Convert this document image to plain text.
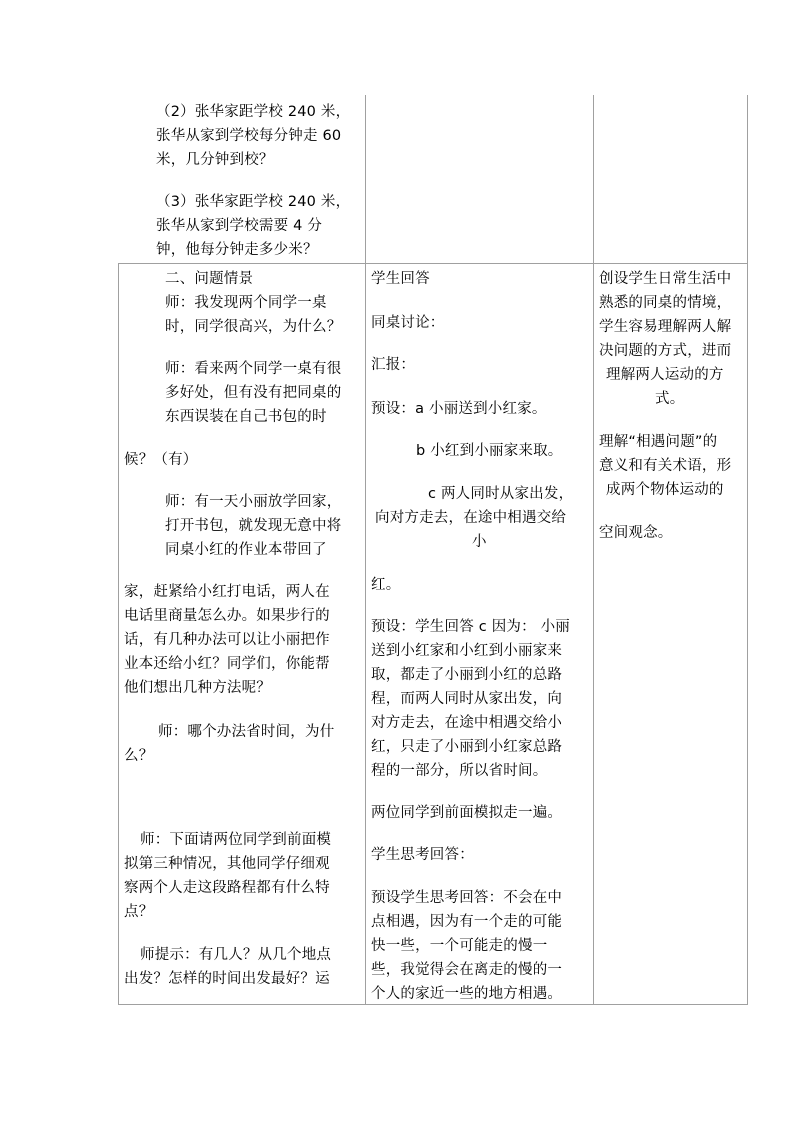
（2）张华家距学校 240 米，
张华从家到学校每分钟走 60
米，几分钟到校？
（3）张华家距学校 240 米，
张华从家到学校需要 4 分
钟，他每分钟走多少米？
二、问题情景
师：我发现两个同学一桌
时，同学很高兴，为什么？
师：看来两个同学一桌有很
多好处，但有没有把同桌的
东西误装在自己书包的时
候？（有）
师：有一天小丽放学回家，
打开书包，就发现无意中将
同桌小红的作业本带回了
家，赶紧给小红打电话，两人在
电话里商量怎么办。如果步行的
话，有几种办法可以让小丽把作
业本还给小红？同学们，你能帮
他们想出几种方法呢？
师：哪个办法省时间，为什
么？
师：下面请两位同学到前面模
拟第三种情况，其他同学仔细观
察两个人走这段路程都有什么特
点？
师提示：有几人？从几个地点
出发？怎样的时间出发最好？运
学生回答
同桌讨论：
汇报：
预设：a 小丽送到小红家。
b 小红到小丽家来取。
c 两人同时从家出发，
向对方走去，在途中相遇交给
小
红。
预设：学生回答 c 因为： 小丽
送到小红家和小红到小丽家来
取，都走了小丽到小红的总路
程，而两人同时从家出发，向
对方走去，在途中相遇交给小
红，只走了小丽到小红家总路
程的一部分，所以省时间。
两位同学到前面模拟走一遍。
学生思考回答：
预设学生思考回答：不会在中
点相遇，因为有一个走的可能
快一些，一个可能走的慢一
些，我觉得会在离走的慢的一
个人的家近一些的地方相遇。
创设学生日常生活中
熟悉的同桌的情境，
学生容易理解两人解
决问题的方式，进而
理解两人运动的方
式。
理解“相遇问题”的
意义和有关术语，形
成两个物体运动的
空间观念。
